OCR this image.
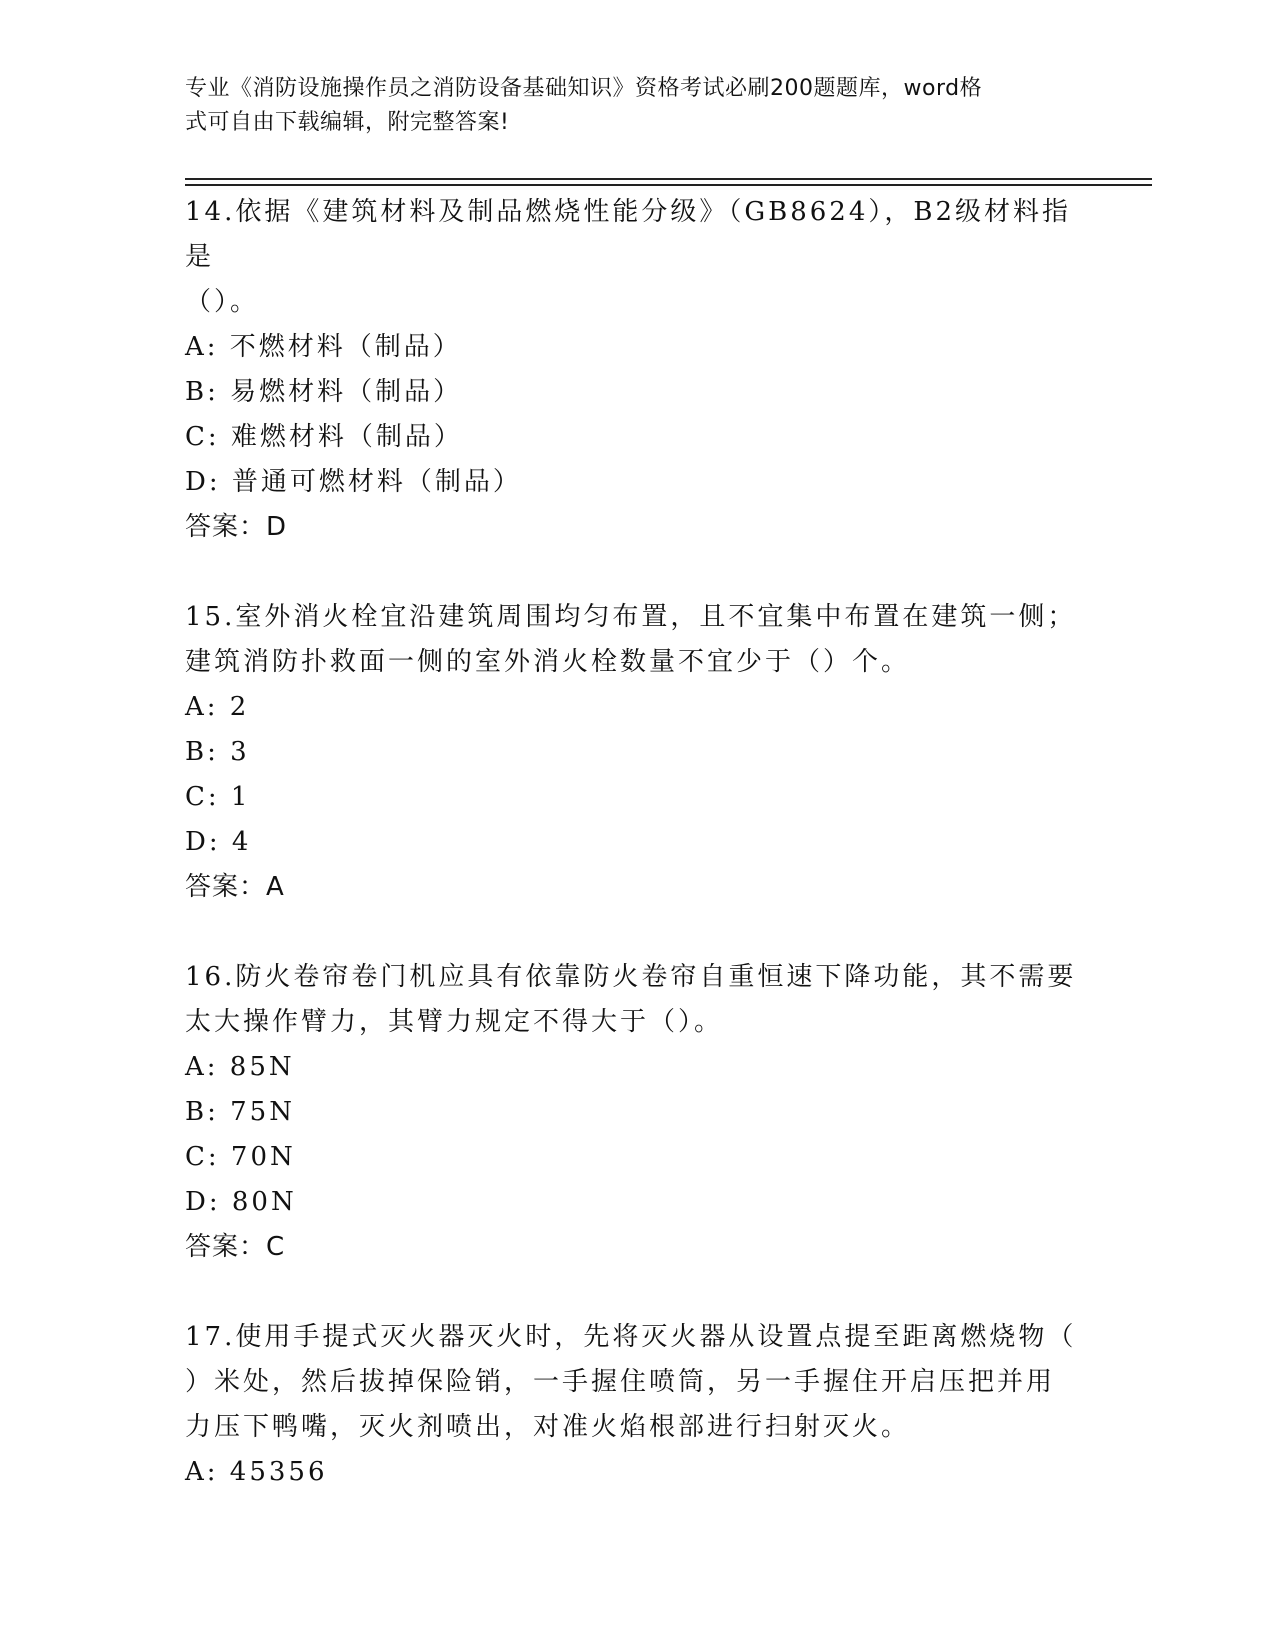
专业《消防设施操作员之消防设备基础知识》资格考试必刷200题题库，word格
式可自由下载编辑，附完整答案!
14.依据《建筑材料及制品燃烧性能分级》（GB8624），B2级材料指是
（）。
A: 不燃材料（制品）
B: 易燃材料（制品）
C: 难燃材料（制品）
D: 普通可燃材料（制品）
答案：D
15.室外消火栓宜沿建筑周围均匀布置，且不宜集中布置在建筑一侧；
建筑消防扑救面一侧的室外消火栓数量不宜少于（）个。
A: 2
B: 3
C: 1
D: 4
答案：A
16.防火卷帘卷门机应具有依靠防火卷帘自重恒速下降功能，其不需要
太大操作臂力，其臂力规定不得大于（）。
A: 85N
B: 75N
C: 70N
D: 80N
答案：C
17.使用手提式灭火器灭火时，先将灭火器从设置点提至距离燃烧物（
）米处，然后拔掉保险销，一手握住喷筒，另一手握住开启压把并用
力压下鸭嘴，灭火剂喷出，对准火焰根部进行扫射灭火。
A: 45356
